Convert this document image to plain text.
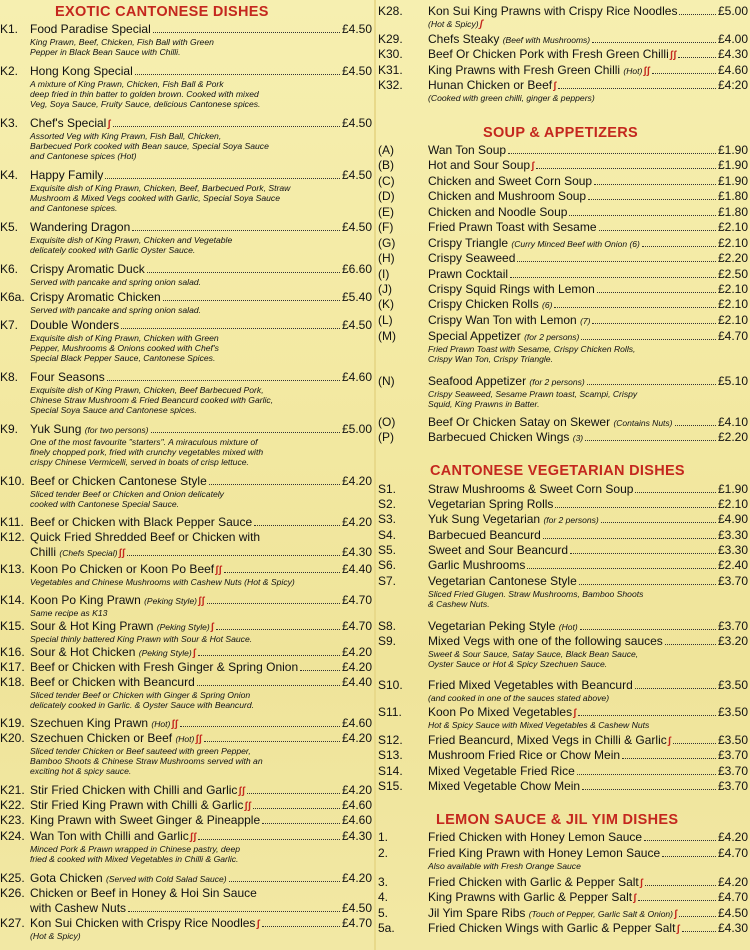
EXOTIC CANTONESE DISHES
K1. Food Paradise Special	£4.50
King Prawn, Beef, Chicken, Fish Ball with Green
Pepper in Black Bean Sauce with Chilli.
K2. Hong Kong Special	£4.50
A mixture of King Prawn, Chicken, Fish Ball & Pork
deep fried in thin batter to golden brown. Cooked with mixed
Veg, Soya Sauce, Fruity Sauce, delicious Cantonese spices.
K3. Chef's Specialʃ	£4.50
Assorted Veg with King Prawn, Fish Ball, Chicken,
Barbecued Pork cooked with Bean sauce, Special Soya Sauce
and Cantonese spices (Hot)
K4. Happy Family	£4.50
Exquisite dish of King Prawn, Chicken, Beef, Barbecued Pork, Straw
Mushroom & Mixed Vegs cooked with Garlic, Special Soya Sauce
and Cantonese spices.
K5. Wandering Dragon	£4.50
Exquisite dish of King Prawn, Chicken and Vegetable
delicately cooked with Garlic Oyster Sauce.
K6. Crispy Aromatic Duck	£6.60
Served with pancake and spring onion salad.
K6a. Crispy Aromatic Chicken	£5.40
Served with pancake and spring onion salad.
K7. Double Wonders	£4.50
Exquisite dish of King Prawn, Chicken with Green
Pepper, Mushrooms & Onions cooked with Chef's
Special Black Pepper Sauce, Cantonese Spices.
K8. Four Seasons	£4.60
Exquisite dish of King Prawn, Chicken, Beef Barbecued Pork,
Chinese Straw Mushroom & Fried Beancurd cooked with Garlic,
Special Soya Sauce and Cantonese spices.
K9. Yuk Sung (for two persons)	£5.00
One of the most favourite "starters". A miraculous mixture of
finely chopped pork, fried with crunchy vegetables mixed with
crispy Chinese Vermicelli, served in boats of crisp lettuce.
K10. Beef or Chicken Cantonese Style	£4.20
Sliced tender Beef or Chicken and Onion delicately
cooked with Cantonese Special Sauce.
K11. Beef or Chicken with Black Pepper Sauce	£4.20
K12. Quick Fried Shredded Beef or Chicken with
Chilli (Chefs Special)ʃʃ	£4.30
K13. Koon Po Chicken or Koon Po Beefʃʃ	£4.40
Vegetables and Chinese Mushrooms with Cashew Nuts (Hot & Spicy)
K14. Koon Po King Prawn (Peking Style)ʃʃ	£4.70
Same recipe as K13
K15. Sour & Hot King Prawn (Peking Style)ʃ	£4.70
Special thinly battered King Prawn with Sour & Hot Sauce.
K16. Sour & Hot Chicken (Peking Style)ʃ	£4.20
K17. Beef or Chicken with Fresh Ginger & Spring Onion	£4.20
K18. Beef or Chicken with Beancurd	£4.40
Sliced tender Beef or Chicken with Ginger & Spring Onion
delicately cooked in Garlic. & Oyster Sauce with Beancurd.
K19. Szechuen King Prawn (Hot)ʃʃ	£4.60
K20. Szechuen Chicken or Beef (Hot)ʃʃ	£4.20
Sliced tender Chicken or Beef sauteed with green Pepper,
Bamboo Shoots & Chinese Straw Mushrooms served with an
exciting hot & spicy sauce.
K21. Stir Fried Chicken with Chilli and Garlicʃʃ	£4.20
K22. Stir Fried King Prawn with Chilli & Garlicʃʃ	£4.60
K23. King Prawn with Sweet Ginger & Pineapple	£4.60
K24. Wan Ton with Chilli and Garlicʃʃ	£4.30
Minced Pork & Prawn wrapped in Chinese pastry, deep
fried & cooked with Mixed Vegetables in Chilli & Garlic.
K25. Gota Chicken (Served with Cold Salad Sauce)	£4.20
K26. Chicken or Beef in Honey & Hoi Sin Sauce
with Cashew Nuts	£4.50
K27. Kon Sui Chicken with Crispy Rice Noodlesʃ	£4.70
(Hot & Spicy)
K28.	Kon Sui King Prawns with Crispy Rice Noodles	£5.00
(Hot & Spicy)ʃ
K29.	Chefs Steaky (Beef with Mushrooms)	£4.00
K30.	Beef Or Chicken Pork with Fresh Green Chilliʃʃ	£4.30
K31.	King Prawns with Fresh Green Chilli (Hot)ʃʃ	£4.60
K32.	Hunan Chicken or Beefʃ	£4:20
(Cooked with green chilli, ginger & peppers)
SOUP & APPETIZERS
(A)	Wan Ton Soup	£1.90
(B)	Hot and Sour Soupʃ	£1.90
(C)	Chicken and Sweet Corn Soup	£1.90
(D)	Chicken and Mushroom Soup	£1.80
(E)	Chicken and Noodle Soup	£1.80
(F)	Fried Prawn Toast with Sesame	£2.10
(G)	Crispy Triangle (Curry Minced Beef with Onion (6)	£2.10
(H)	Crispy Seaweed	£2.20
(I)	Prawn Cocktail	£2.50
(J)	Crispy Squid Rings with Lemon	£2.10
(K)	Crispy Chicken Rolls (6)	£2.10
(L)	Crispy Wan Ton with Lemon (7)	£2.10
(M)	Special Appetizer (for 2 persons)	£4.70
Fried Prawn Toast with Sesame, Crispy Chicken Rolls,
Crispy Wan Ton, Crispy Triangle.
(N)	Seafood Appetizer (for 2 persons)	£5.10
Crispy Seaweed, Sesame Prawn toast, Scampi, Crispy
Squid, King Prawns in Batter.
(O)	Beef Or Chicken Satay on Skewer (Contains Nuts)	£4.10
(P)	Barbecued Chicken Wings (3)	£2.20
CANTONESE VEGETARIAN DISHES
S1.	Straw Mushrooms & Sweet Corn Soup	£1.90
S2.	Vegetarian Spring Rolls	£2.10
S3.	Yuk Sung Vegetarian (for 2 persons)	£4.90
S4.	Barbecued Beancurd	£3.30
S5.	Sweet and Sour Beancurd	£3.30
S6.	Garlic Mushrooms	£2.40
S7.	Vegetarian Cantonese Style	£3.70
Sliced Fried Glugen. Straw Mushrooms, Bamboo Shoots
& Cashew Nuts.
S8.	Vegetarian Peking Style (Hot)	£3.70
S9.	Mixed Vegs with one of the following sauces	£3.20
Sweet & Sour Sauce, Satay Sauce, Black Bean Sauce,
Oyster Sauce or Hot & Spicy Szechuen Sauce.
S10.	Fried Mixed Vegetables with Beancurd	£3.50
(and cooked in one of the sauces stated above)
S11.	Koon Po Mixed Vegetablesʃ	£3.50
Hot & Spicy Sauce with Mixed Vegetables & Cashew Nuts
S12.	Fried Beancurd, Mixed Vegs in Chilli & Garlicʃ	£3.50
S13.	Mushroom Fried Rice or Chow Mein	£3.70
S14.	Mixed Vegetable Fried Rice	£3.70
S15.	Mixed Vegetable Chow Mein	£3.70
LEMON SAUCE & JIL YIM DISHES
1.	Fried Chicken with Honey Lemon Sauce	£4.20
2.	Fried King Prawn with Honey Lemon Sauce	£4.70
Also available with Fresh Orange Sauce
3.	Fried Chicken with Garlic & Pepper Saltʃ	£4.20
4.	King Prawns with Garlic & Pepper Saltʃ	£4.70
5.	Jil Yim Spare Ribs (Touch of Pepper, Garlic Salt & Onion)ʃ	£4.50
5a.	Fried Chicken Wings with Garlic & Pepper Saltʃ	£4.30
